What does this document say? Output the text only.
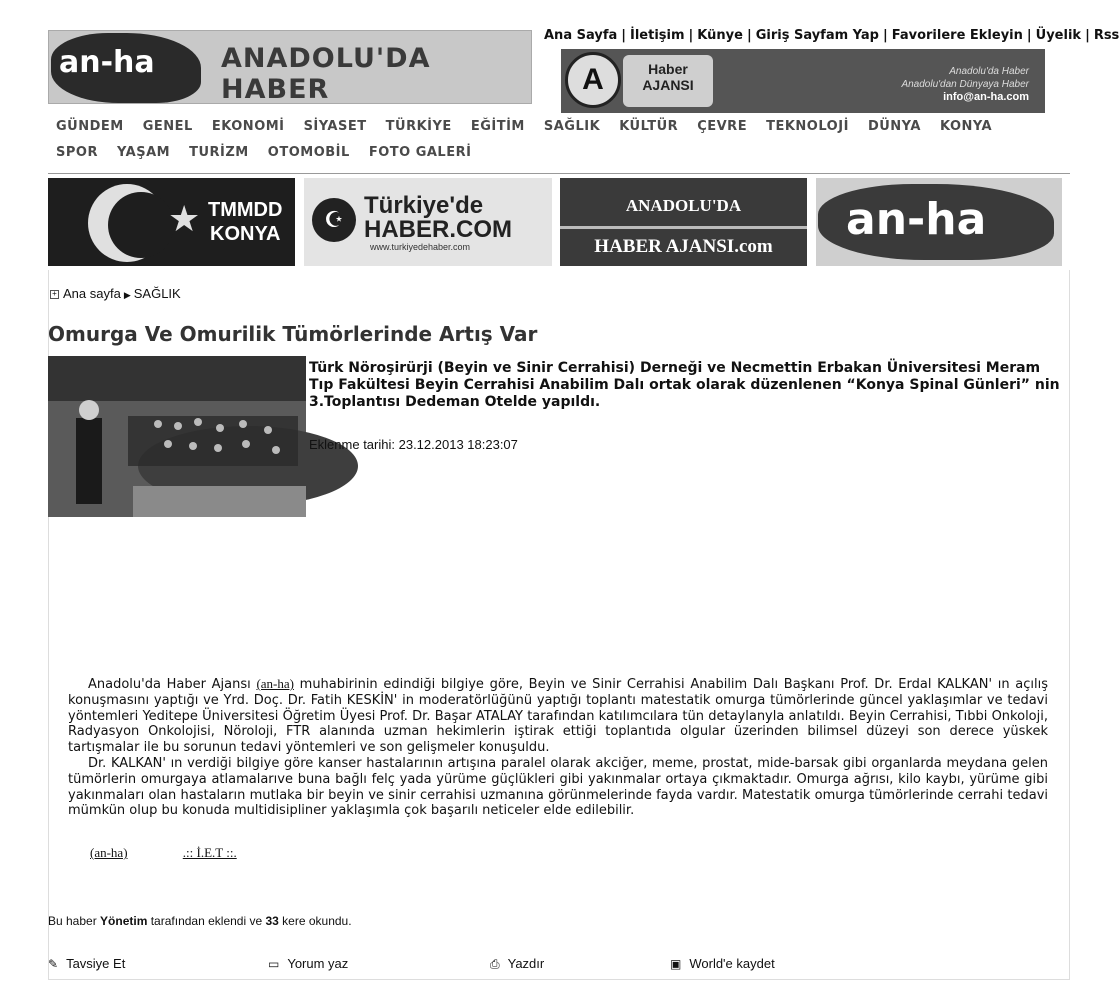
an-ha ANADOLU'DA HABER
Ana Sayfa | İletişim | Künye | Giriş Sayfam Yap | Favorilere Ekleyin | Üyelik | Rss
A	Haber
AJANSI
Anadolu'da Haber
Anadolu'dan Dünyaya Haber
info@an-ha.com
GÜNDEM GENEL EKONOMİ SİYASET TÜRKİYE EĞİTİM SAĞLIK KÜLTÜR ÇEVRE TEKNOLOJİ DÜNYA KONYA SPOR YAŞAM TURİZM OTOMOBİL FOTO GALERİ
★ TMMDD
KONYA
☪
Türkiye'de
HABER.COM
www.turkiyedehaber.com
ANADOLU'DA
HABER AJANSI.com
an-ha
+ Ana sayfa ▶ SAĞLIK
Omurga Ve Omurilik Tümörlerinde Artış Var
Türk Nöroşirürji (Beyin ve Sinir Cerrahisi) Derneği ve Necmettin Erbakan Üniversitesi Meram Tıp Fakültesi Beyin Cerrahisi Anabilim Dalı ortak olarak düzenlenen “Konya Spinal Günleri” nin 3.Toplantısı Dedeman Otelde yapıldı.
Eklenme tarihi: 23.12.2013 18:23:07

Anadolu'da Haber Ajansı (an-ha) muhabirinin edindiği bilgiye göre, Beyin ve Sinir Cerrahisi Anabilim Dalı Başkanı Prof. Dr. Erdal KALKAN' ın açılış konuşmasını yaptığı ve Yrd. Doç. Dr. Fatih KESKİN' in moderatörlüğünü yaptığı toplantı matestatik omurga tümörlerinde güncel yaklaşımlar ve tedavi yöntemleri Yeditepe Üniversitesi Öğretim Üyesi Prof. Dr. Başar ATALAY tarafından katılımcılara tün detaylanyla anlatıldı. Beyin Cerrahisi, Tıbbi Onkoloji, Radyasyon Onkolojisi, Nöroloji, FTR alanında uzman hekimlerin iştirak ettiği toplantıda olgular üzerinden bilimsel düzeyi son derece yüskek tartışmalar ile bu sorunun tedavi yöntemleri ve son gelişmeler konuşuldu.

Dr. KALKAN' ın verdiği bilgiye göre kanser hastalarının artışına paralel olarak akciğer, meme, prostat, mide-barsak gibi organlarda meydana gelen tümörlerin omurgaya atlamalarıve buna bağlı felç yada yürüme güçlükleri gibi yakınmalar ortaya çıkmaktadır. Omurga ağrısı, kilo kaybı, yürüme gibi yakınmaları olan hastaların mutlaka bir beyin ve sinir cerrahisi uzmanına görünmelerinde fayda vardır. Matestatik omurga tümörlerinde cerrahi tedavi mümkün olup bu konuda multidisipliner yaklaşımla çok başarılı neticeler elde edilebilir.

(an-ha)	.:: İ.E.T ::.
Bu haber Yönetim tarafından eklendi ve 33 kere okundu.
✎ Tavsiye Et	▭ Yorum yaz	⎙ Yazdır	▣ World'e kaydet
